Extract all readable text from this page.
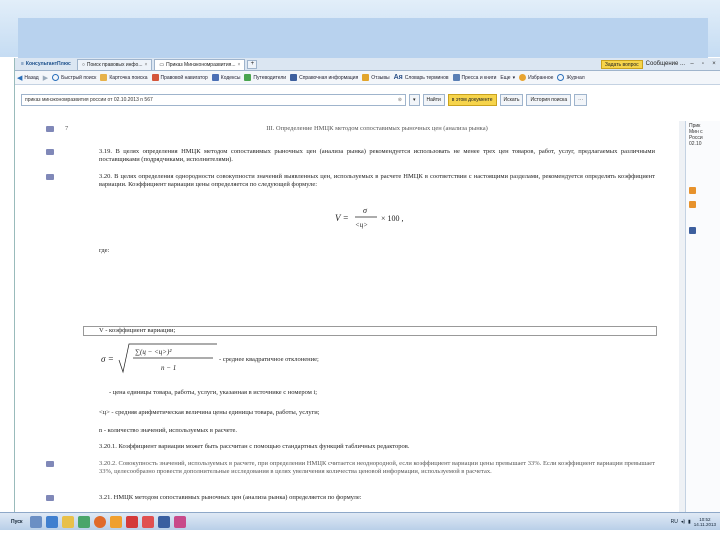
≡ КонсультантПлюс ○ Поиск правовых инфо... × ▭ Приказ Минэкономразвития... ×	+	Задать вопрос	Сообщение ... –	▫	×
◀ Назад ▶	Быстрый поиск	Карточка поиска	Правовой навигатор	Кодексы	Путеводители	Справочная информация	Отзывы Aя Словарь терминов	Пресса и книги Еще ▾	Избранное	Журнал
приказ минэкономразвития россии от 02.10.2013 n 567	⊗	▾	Найти	в этом документе	Искать	История поиска	⋯
7	III. Определение НМЦК методом сопоставимых рыночных цен (анализа рынка)
3.19. В целях определения НМЦК методом сопоставимых рыночных цен (анализа рынка) рекомендуется использовать не менее трех цен товаров, работ, услуг, предлагаемых различными поставщиками (подрядчиками, исполнителями).
3.20. В целях определения однородности совокупности значений выявленных цен, используемых в расчете НМЦК в соответствии с настоящими разделами, рекомендуется определять коэффициент вариации. Коэффициент вариации цены определяется по следующей формуле:
V =
σ
<ц>
× 100 ,
где:
V - коэффициент вариации;
σ =
∑(ц − <ц>)²
n − 1
- среднее квадратичное отклонение;
- цена единицы товара, работы, услуги, указанная в источнике с номером i;
<ц> - средняя арифметическая величина цены единицы товара, работы, услуги;
n - количество значений, используемых в расчете.
3.20.1. Коэффициент вариации может быть рассчитан с помощью стандартных функций табличных редакторов.
3.20.2. Совокупность значений, используемых в расчете, при определении НМЦК считается неоднородной, если коэффициент вариации цены превышает 33%. Если коэффициент вариации превышает 33%, целесообразно провести дополнительные исследования в целях увеличения количества ценовой информации, используемой в расчетах.
3.21. НМЦК методом сопоставимых рыночных цен (анализа рынка) определяется по формуле:
Прик
Мин с
Росси
02.10
Пуск	RU ◂) ▮ 10:52
14.11.2013
